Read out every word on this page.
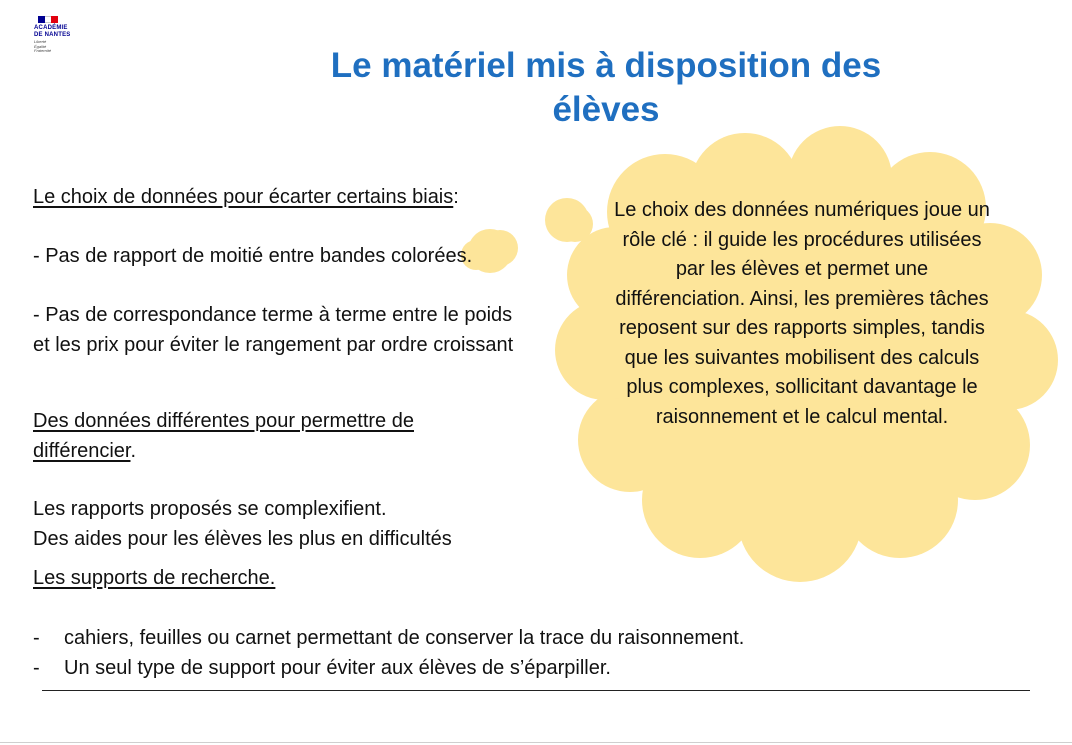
ACADÉMIE
DE NANTES
Liberté
Égalité
Fraternité	Le matériel mis à disposition des élèves

Le choix des données numériques joue un rôle clé : il guide les procédures utilisées par les élèves et permet une différenciation. Ainsi, les premières tâches reposent sur des rapports simples, tandis que les suivantes mobilisent des calculs plus complexes, sollicitant davantage le raisonnement et le calcul mental.

Le choix de données pour écarter certains biais:

- Pas de rapport de moitié entre bandes colorées.

- Pas de correspondance terme à terme entre le poids et les prix pour éviter le rangement par ordre croissant

Des données différentes pour permettre de différencier.

Les rapports proposés se complexifient.

Des aides pour les élèves les plus en difficultés

Les supports de recherche.

-	cahiers, feuilles ou carnet permettant de conserver la trace du raisonnement.
-	Un seul type de support pour éviter aux élèves de s’éparpiller.
